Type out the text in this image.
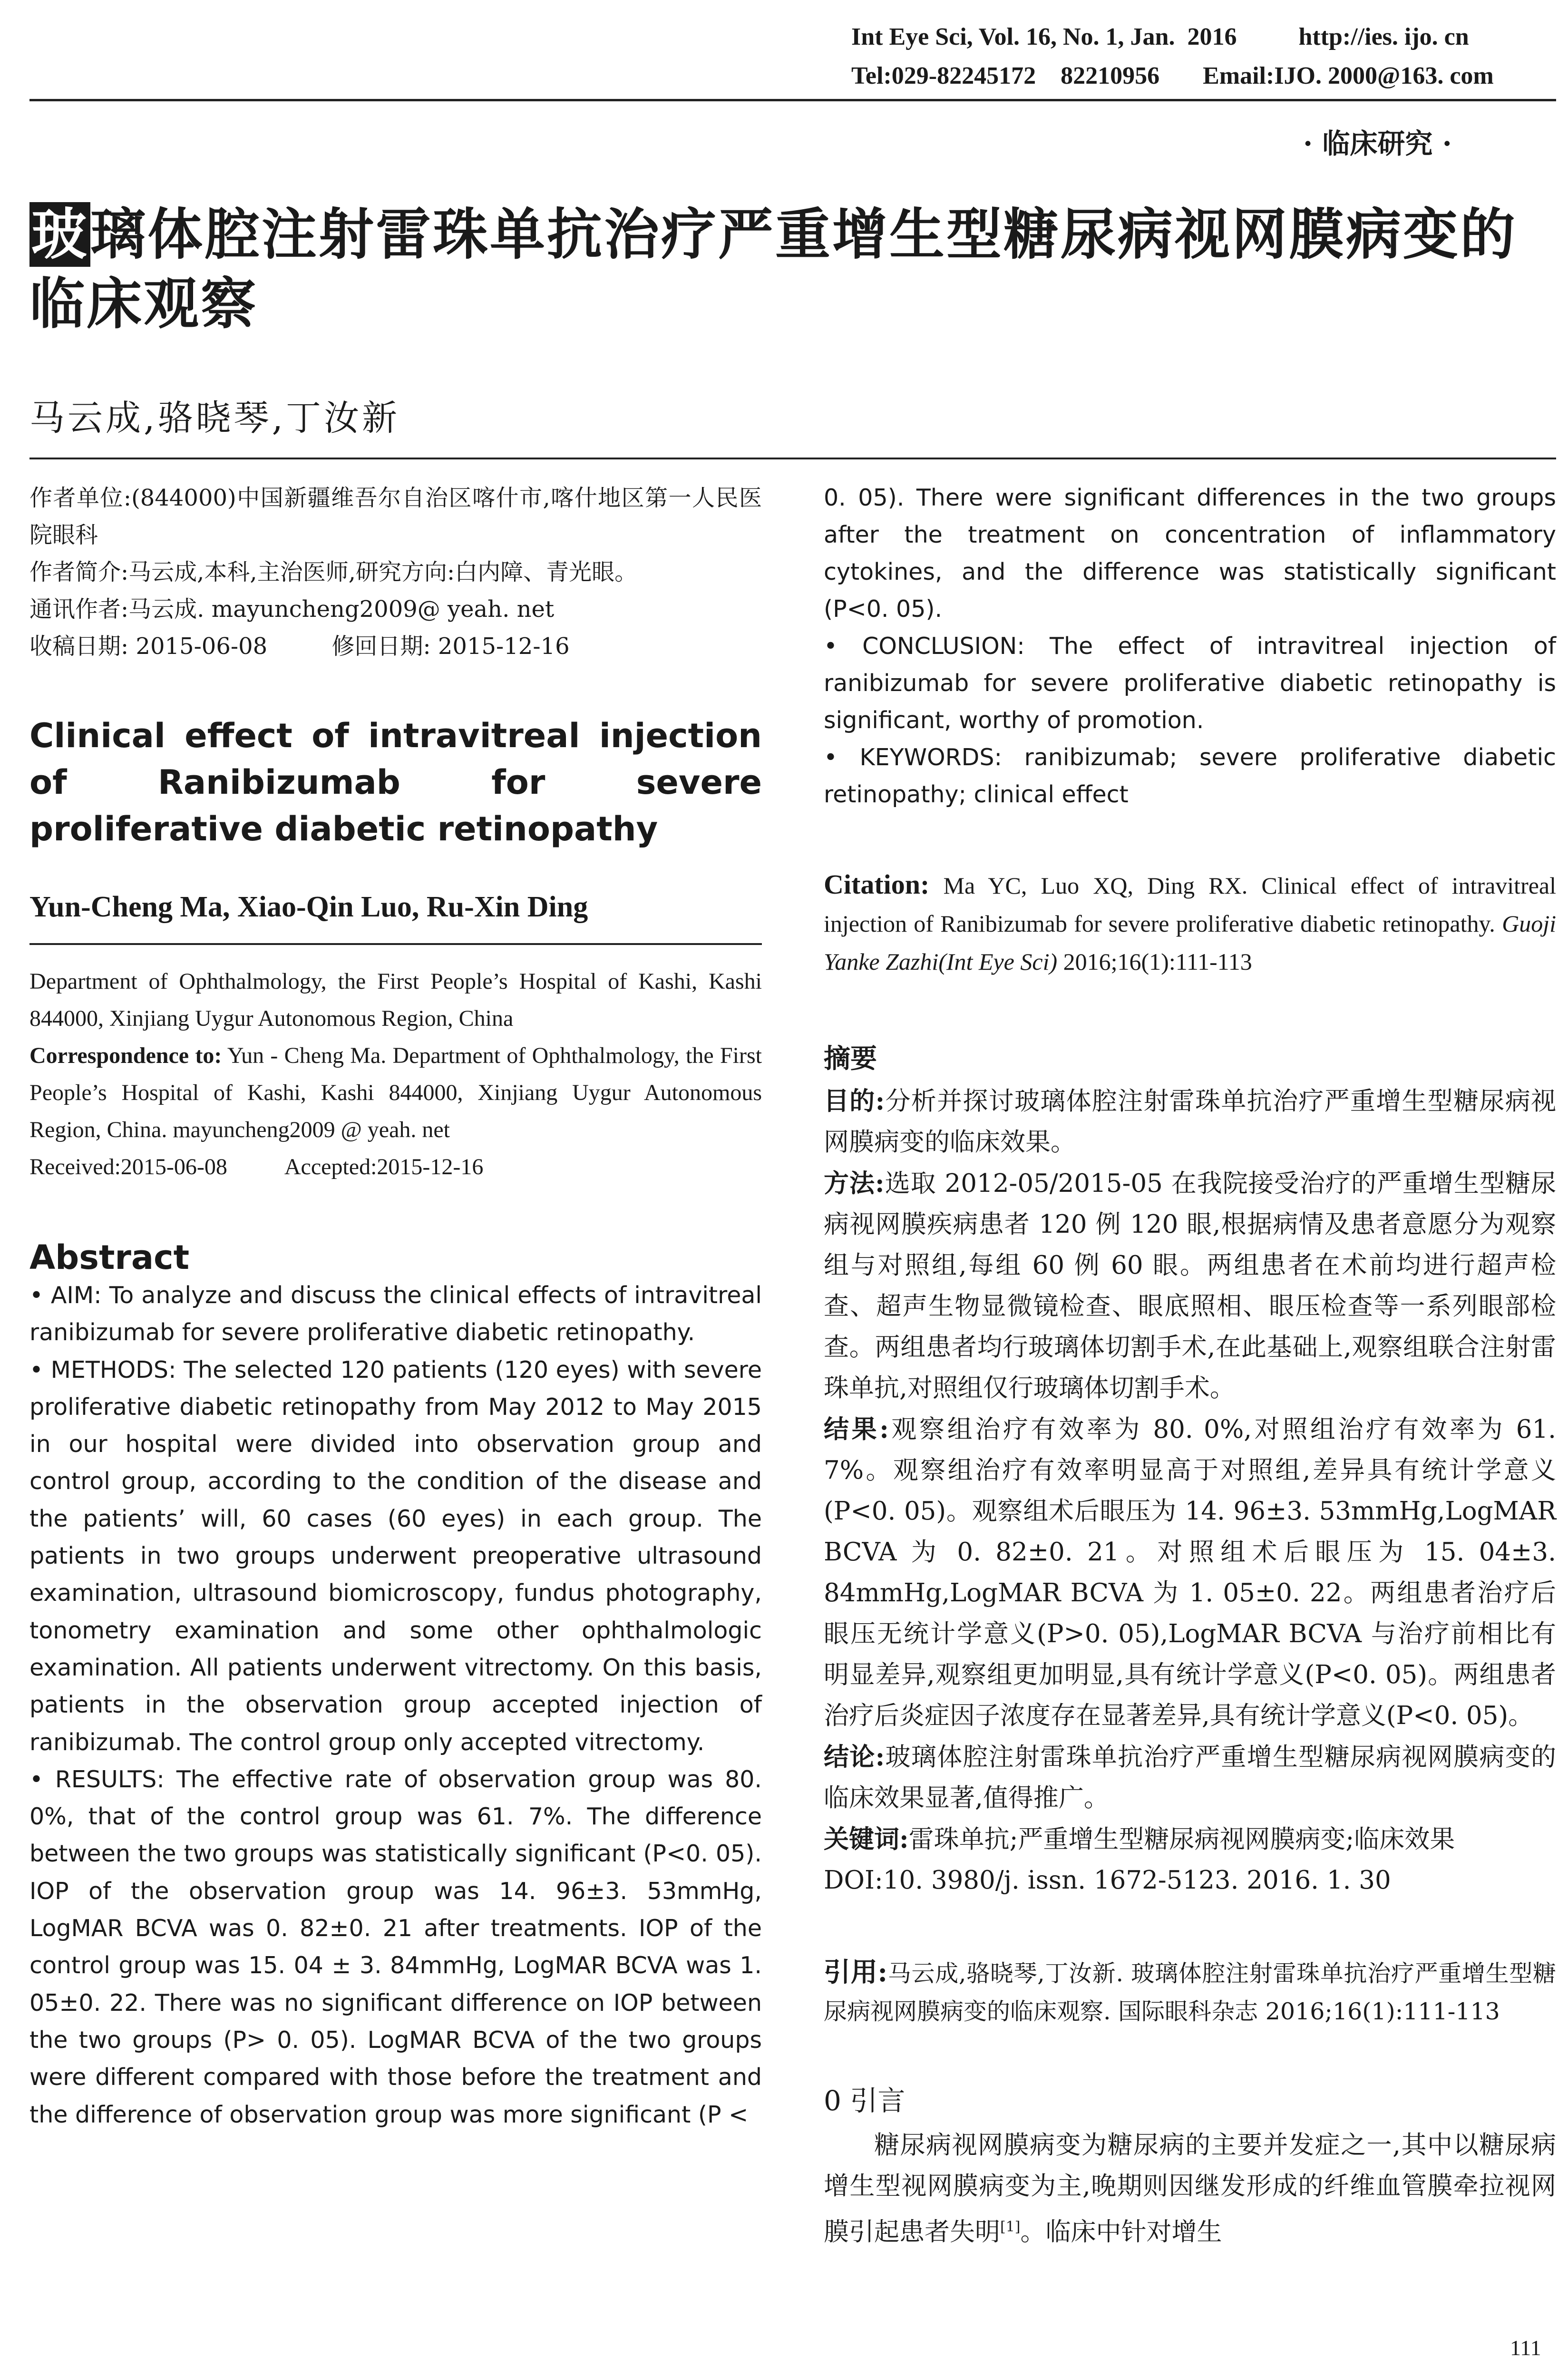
Int Eye Sci, Vol. 16, No. 1, Jan.  2016          http://ies. ijo. cn
Tel:029-82245172    82210956       Email:IJO. 2000@163. com
· 临床研究 ·
玻璃体腔注射雷珠单抗治疗严重增生型糖尿病视网膜病变的临床观察
马云成,骆晓琴,丁汝新
作者单位:(844000)中国新疆维吾尔自治区喀什市,喀什地区第一人民医院眼科
作者简介:马云成,本科,主治医师,研究方向:白内障、青光眼。
通讯作者:马云成. mayuncheng2009@ yeah. net
收稿日期: 2015-06-08	修回日期: 2015-12-16
Clinical effect of intravitreal injection of Ranibizumab for severe proliferative diabetic retinopathy
Yun-Cheng Ma, Xiao-Qin Luo, Ru-Xin Ding
Department of Ophthalmology, the First People’s Hospital of Kashi, Kashi 844000, Xinjiang Uygur Autonomous Region, China
Correspondence to: Yun - Cheng Ma. Department of Ophthalmology, the First People’s Hospital of Kashi, Kashi 844000, Xinjiang Uygur Autonomous Region, China. mayuncheng2009 @ yeah. net

Received:2015-06-08	Accepted:2015-12-16
Abstract

• AIM: To analyze and discuss the clinical effects of intravitreal ranibizumab for severe proliferative diabetic retinopathy.

• METHODS: The selected 120 patients (120 eyes) with severe proliferative diabetic retinopathy from May 2012 to May 2015 in our hospital were divided into observation group and control group, according to the condition of the disease and the patients’ will, 60 cases (60 eyes) in each group. The patients in two groups underwent preoperative ultrasound examination, ultrasound biomicroscopy, fundus photography, tonometry examination and some other ophthalmologic examination. All patients underwent vitrectomy. On this basis, patients in the observation group accepted injection of ranibizumab. The control group only accepted vitrectomy.

• RESULTS: The effective rate of observation group was 80. 0%, that of the control group was 61. 7%. The difference between the two groups was statistically significant (P<0. 05). IOP of the observation group was 14. 96±3. 53mmHg, LogMAR BCVA was 0. 82±0. 21 after treatments. IOP of the control group was 15. 04 ± 3. 84mmHg, LogMAR BCVA was 1. 05±0. 22. There was no significant difference on IOP between the two groups (P> 0. 05). LogMAR BCVA of the two groups were different compared with those before the treatment and the difference of observation group was more significant (P <

0. 05). There were significant differences in the two groups after the treatment on concentration of inflammatory cytokines, and the difference was statistically significant (P<0. 05).

• CONCLUSION: The effect of intravitreal injection of ranibizumab for severe proliferative diabetic retinopathy is significant, worthy of promotion.

• KEYWORDS: ranibizumab; severe proliferative diabetic retinopathy; clinical effect

Citation: Ma YC, Luo XQ, Ding RX. Clinical effect of intravitreal injection of Ranibizumab for severe proliferative diabetic retinopathy. Guoji Yanke Zazhi(Int Eye Sci) 2016;16(1):111-113
摘要

目的:分析并探讨玻璃体腔注射雷珠单抗治疗严重增生型糖尿病视网膜病变的临床效果。

方法:选取 2012-05/2015-05 在我院接受治疗的严重增生型糖尿病视网膜疾病患者 120 例 120 眼,根据病情及患者意愿分为观察组与对照组,每组 60 例 60 眼。两组患者在术前均进行超声检查、超声生物显微镜检查、眼底照相、眼压检查等一系列眼部检查。两组患者均行玻璃体切割手术,在此基础上,观察组联合注射雷珠单抗,对照组仅行玻璃体切割手术。

结果:观察组治疗有效率为 80. 0%,对照组治疗有效率为 61. 7%。观察组治疗有效率明显高于对照组,差异具有统计学意义(P<0. 05)。观察组术后眼压为 14. 96±3. 53mmHg,LogMAR BCVA 为 0. 82±0. 21。对照组术后眼压为 15. 04±3. 84mmHg,LogMAR BCVA 为 1. 05±0. 22。两组患者治疗后眼压无统计学意义(P>0. 05),LogMAR BCVA 与治疗前相比有明显差异,观察组更加明显,具有统计学意义(P<0. 05)。两组患者治疗后炎症因子浓度存在显著差异,具有统计学意义(P<0. 05)。

结论:玻璃体腔注射雷珠单抗治疗严重增生型糖尿病视网膜病变的临床效果显著,值得推广。

关键词:雷珠单抗;严重增生型糖尿病视网膜病变;临床效果

DOI:10. 3980/j. issn. 1672-5123. 2016. 1. 30

引用:马云成,骆晓琴,丁汝新. 玻璃体腔注射雷珠单抗治疗严重增生型糖尿病视网膜病变的临床观察. 国际眼科杂志 2016;16(1):111-113
0 引言
糖尿病视网膜病变为糖尿病的主要并发症之一,其中以糖尿病增生型视网膜病变为主,晚期则因继发形成的纤维血管膜牵拉视网膜引起患者失明[1]。临床中针对增生
111
